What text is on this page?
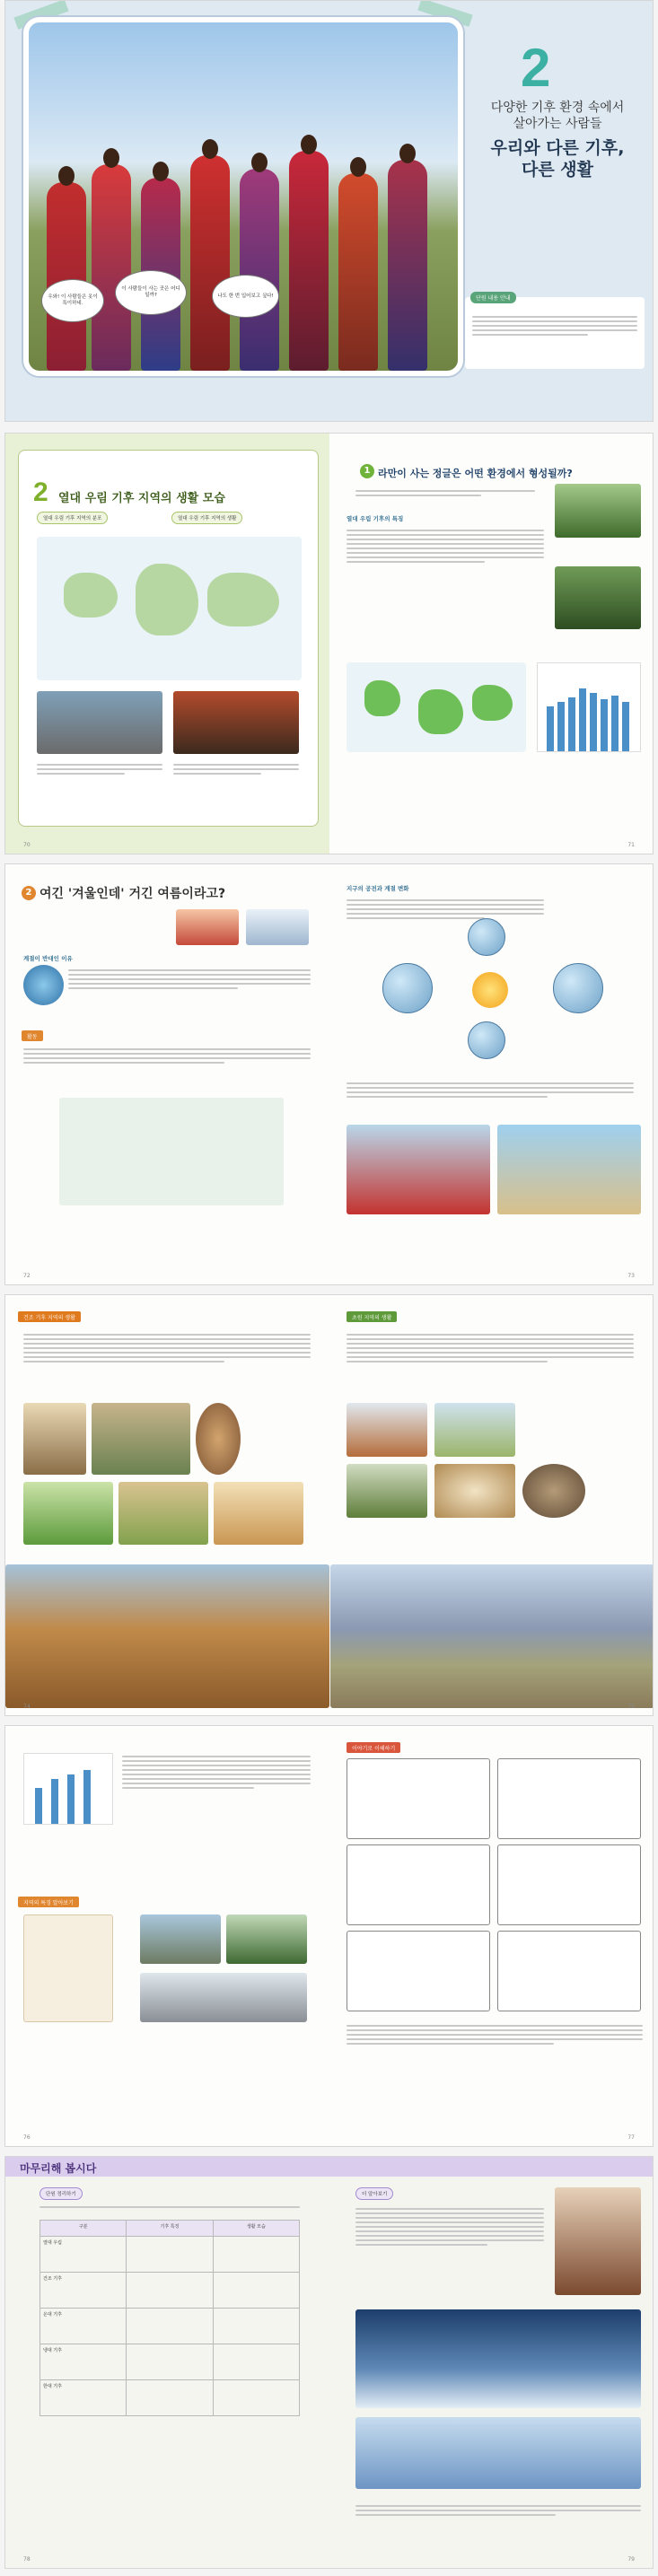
우와! 이 사람들은 옷이 특이하네.
이 사람들이 사는 곳은 어디일까?	나도 한 번 입어보고 싶다!
2
다양한 기후 환경 속에서
살아가는 사람들
우리와 다른 기후,
다른 생활
단원 내용 안내
2 열대 우림 기후 지역의 생활 모습
열대 우림 기후 지역의 분포	열대 우림 기후 지역의 생활
70
1 라만이 사는 정글은 어떤 환경에서 형성될까?
열대 우림 기후의 특징
71
2 여긴 '겨울인데' 거긴 여름이라고?
계절이 반대인 이유
활동
72
지구의 공전과 계절 변화
73
건조 기후 지역의 생활
74
초원 지역의 생활
75
지역의 특징 알아보기
76
이야기로 이해하기
77
마무리해 봅시다
단원 정리하기
구분	기후 특징	생활 모습
열대 우림		
건조 기후		
온대 기후		
냉대 기후		
한대 기후		
78
더 알아보기
79
